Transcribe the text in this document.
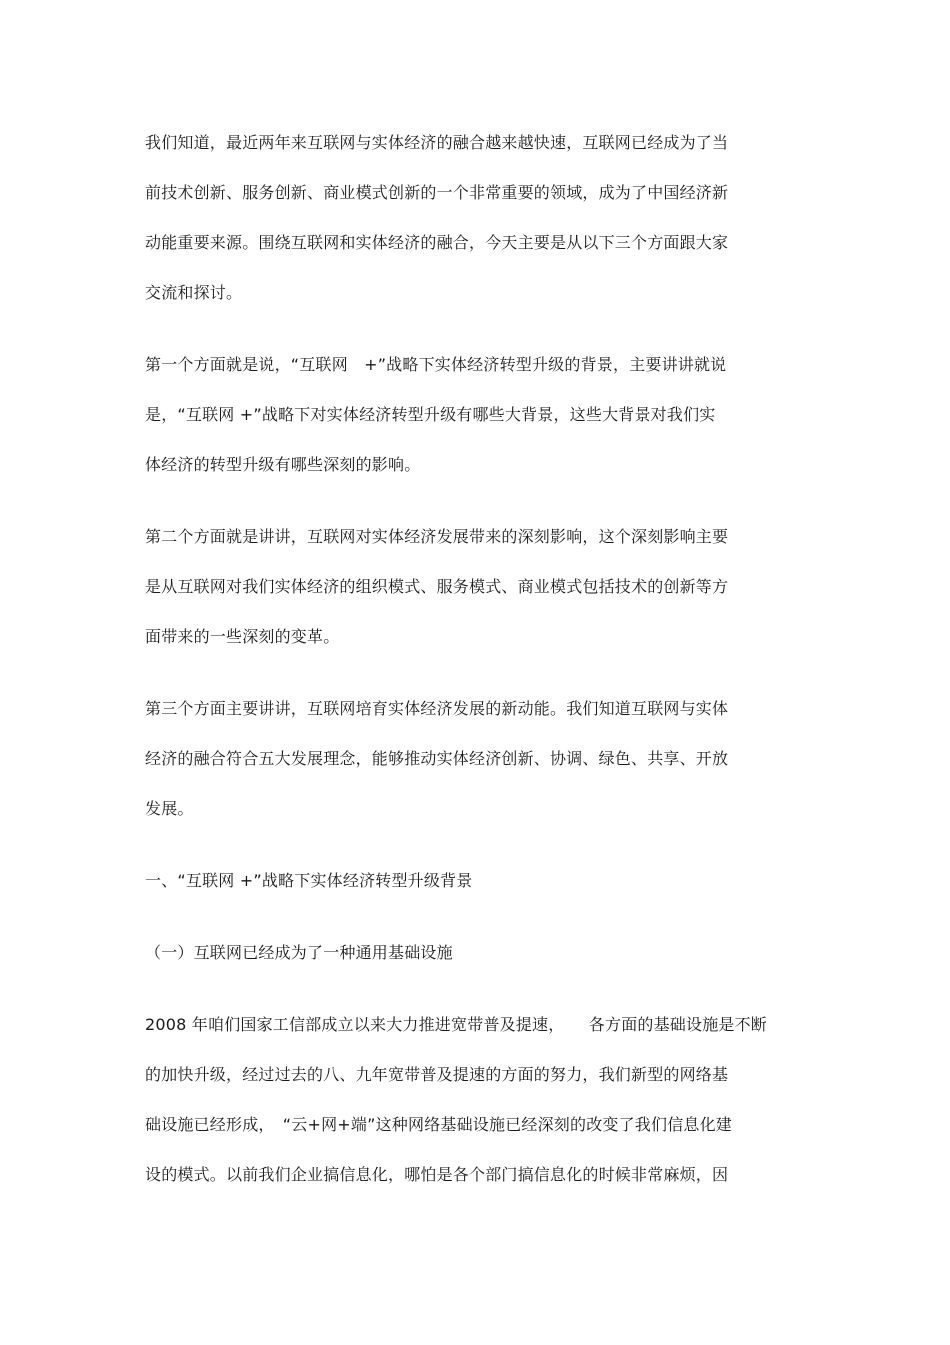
我们知道，最近两年来互联网与实体经济的融合越来越快速，互联网已经成为了当
前技术创新、服务创新、商业模式创新的一个非常重要的领域，成为了中国经济新
动能重要来源。围绕互联网和实体经济的融合，今天主要是从以下三个方面跟大家
交流和探讨。
第一个方面就是说，“互联网　+”战略下实体经济转型升级的背景，主要讲讲就说
是，“互联网 +”战略下对实体经济转型升级有哪些大背景，这些大背景对我们实
体经济的转型升级有哪些深刻的影响。
第二个方面就是讲讲，互联网对实体经济发展带来的深刻影响，这个深刻影响主要
是从互联网对我们实体经济的组织模式、服务模式、商业模式包括技术的创新等方
面带来的一些深刻的变革。
第三个方面主要讲讲，互联网培育实体经济发展的新动能。我们知道互联网与实体
经济的融合符合五大发展理念，能够推动实体经济创新、协调、绿色、共享、开放
发展。
一、“互联网 +”战略下实体经济转型升级背景
（一）互联网已经成为了一种通用基础设施
2008 年咱们国家工信部成立以来大力推进宽带普及提速，　　各方面的基础设施是不断
的加快升级，经过过去的八、九年宽带普及提速的方面的努力，我们新型的网络基
础设施已经形成，　“云+网+端”这种网络基础设施已经深刻的改变了我们信息化建
设的模式。以前我们企业搞信息化，哪怕是各个部门搞信息化的时候非常麻烦，因
